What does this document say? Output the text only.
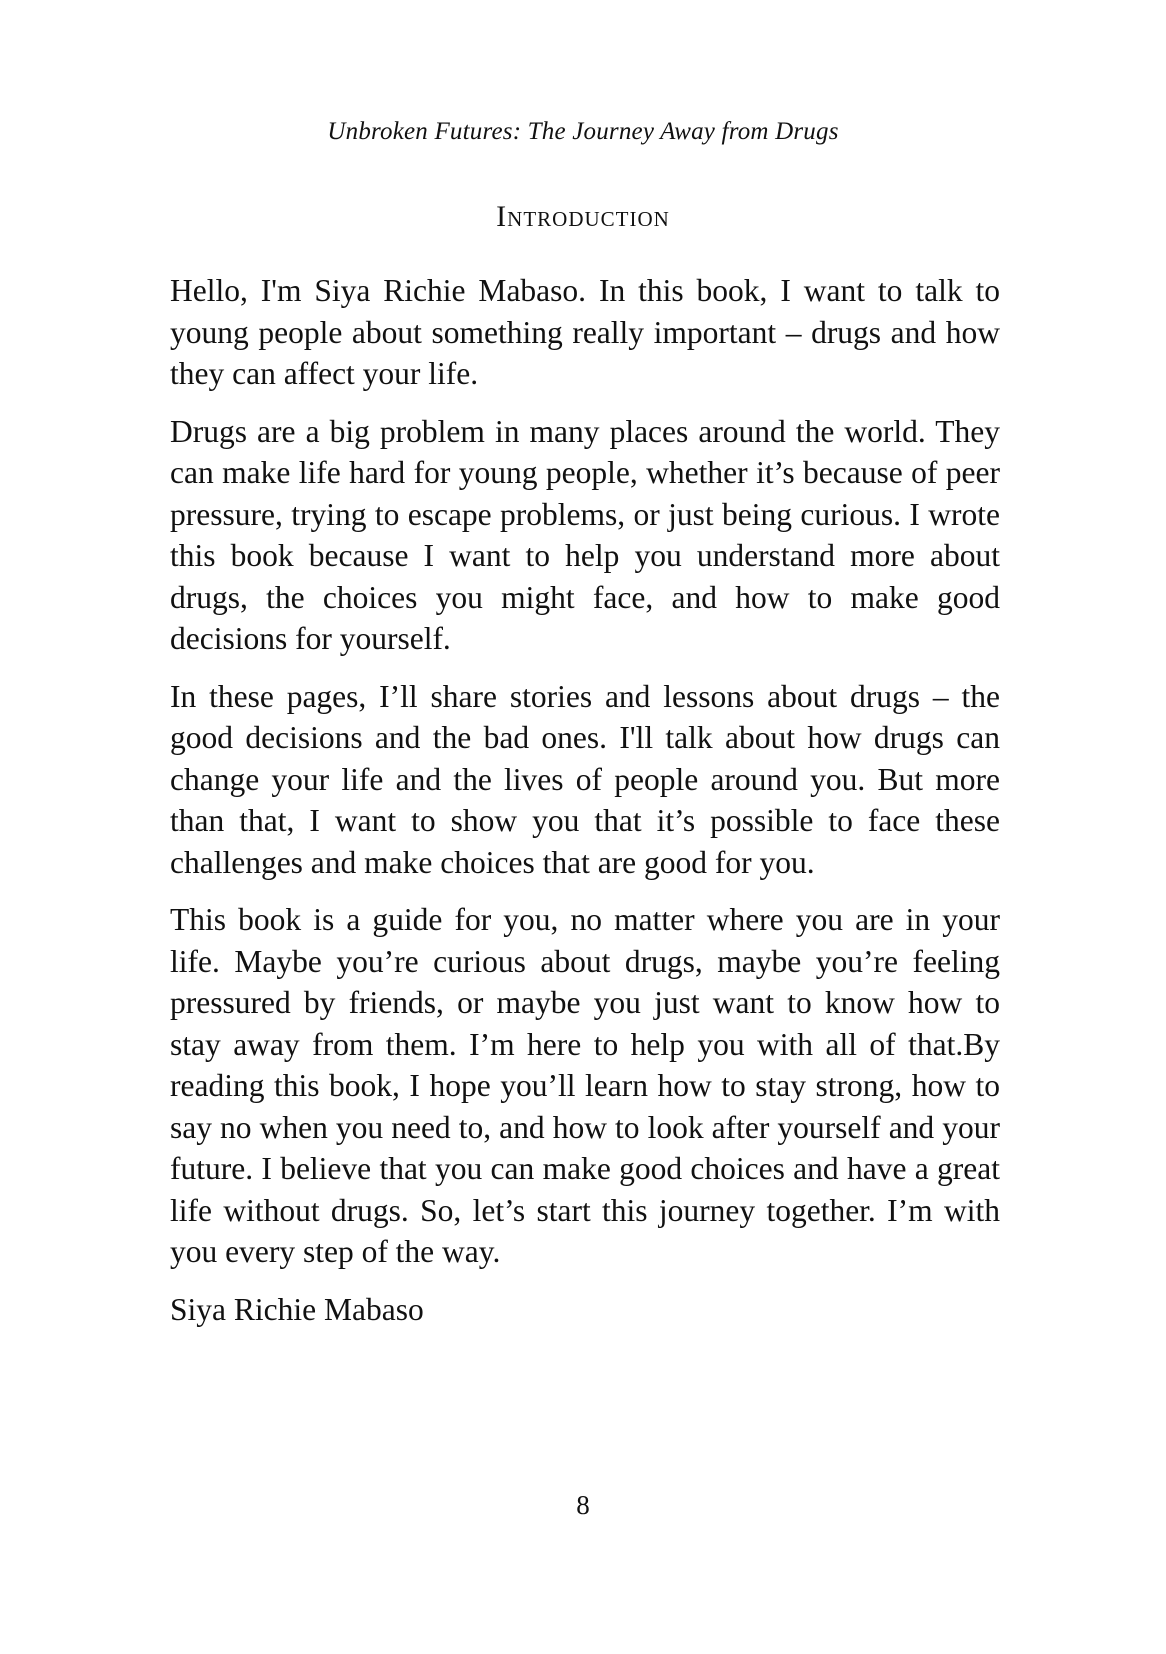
Unbroken Futures: The Journey Away from Drugs
Introduction

Hello, I'm Siya Richie Mabaso. In this book, I want to talk to young people about something really important – drugs and how they can affect your life.

Drugs are a big problem in many places around the world. They can make life hard for young people, whether it’s because of peer pressure, trying to escape problems, or just being curious. I wrote this book because I want to help you understand more about drugs, the choices you might face, and how to make good decisions for yourself.

In these pages, I’ll share stories and lessons about drugs – the good decisions and the bad ones. I'll talk about how drugs can change your life and the lives of people around you. But more than that, I want to show you that it’s possible to face these challenges and make choices that are good for you.

This book is a guide for you, no matter where you are in your life. Maybe you’re curious about drugs, maybe you’re feeling pressured by friends, or maybe you just want to know how to stay away from them. I’m here to help you with all of that.By reading this book, I hope you’ll learn how to stay strong, how to say no when you need to, and how to look after yourself and your future. I believe that you can make good choices and have a great life without drugs. So, let’s start this journey together. I’m with you every step of the way.

Siya Richie Mabaso

8
